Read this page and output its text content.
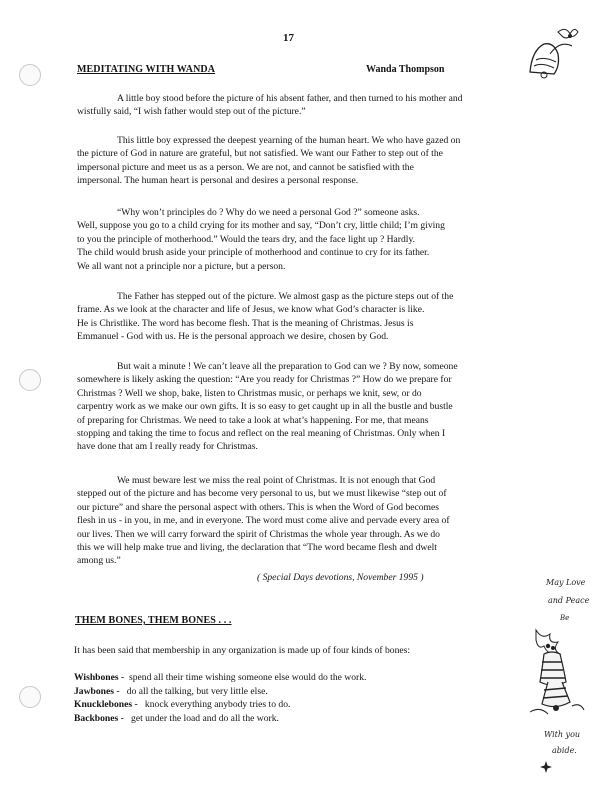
17
MEDITATING WITH WANDA	Wanda Thompson
A little boy stood before the picture of his absent father, and then turned to his mother and
wistfully said, “I wish father would step out of the picture.”
This little boy expressed the deepest yearning of the human heart. We who have gazed on
the picture of God in nature are grateful, but not satisfied. We want our Father to step out of the
impersonal picture and meet us as a person. We are not, and cannot be satisfied with the
impersonal. The human heart is personal and desires a personal response.
“Why won’t principles do ? Why do we need a personal God ?” someone asks.
Well, suppose you go to a child crying for its mother and say, “Don’t cry, little child; I’m giving
to you the principle of motherhood.” Would the tears dry, and the face light up ? Hardly.
The child would brush aside your principle of motherhood and continue to cry for its father.
We all want not a principle nor a picture, but a person.
The Father has stepped out of the picture. We almost gasp as the picture steps out of the
frame. As we look at the character and life of Jesus, we know what God’s character is like.
He is Christlike. The word has become flesh. That is the meaning of Christmas. Jesus is
Emmanuel - God with us. He is the personal approach we desire, chosen by God.
But wait a minute ! We can’t leave all the preparation to God can we ? By now, someone
somewhere is likely asking the question: “Are you ready for Christmas ?” How do we prepare for
Christmas ? Well we shop, bake, listen to Christmas music, or perhaps we knit, sew, or do
carpentry work as we make our own gifts. It is so easy to get caught up in all the bustle and bustle
of preparing for Christmas. We need to take a look at what’s happening. For me, that means
stopping and taking the time to focus and reflect on the real meaning of Christmas. Only when I
have done that am I really ready for Christmas.
We must beware lest we miss the real point of Christmas. It is not enough that God
stepped out of the picture and has become very personal to us, but we must likewise “step out of
our picture” and share the personal aspect with others. This is when the Word of God becomes
flesh in us - in you, in me, and in everyone. The word must come alive and pervade every area of
our lives. Then we will carry forward the spirit of Christmas the whole year through. As we do
this we will help make true and living, the declaration that “The word became flesh and dwelt
among us.”
( Special Days devotions, November 1995 )
THEM BONES, THEM BONES . . .
It has been said that membership in any organization is made up of four kinds of bones:
Wishbones - spend all their time wishing someone else would do the work.
Jawbones - do all the talking, but very little else.
Knucklebones - knock everything anybody tries to do.
Backbones - get under the load and do all the work.
May Love
and Peace
Be
With you
abide.
